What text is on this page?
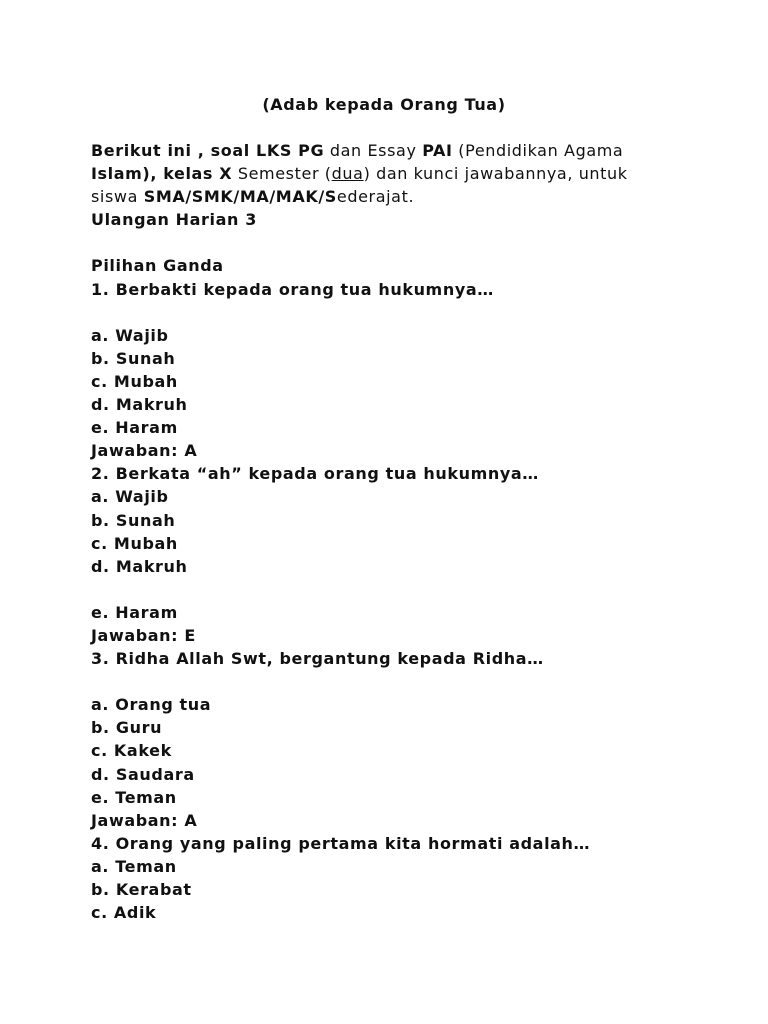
(Adab kepada Orang Tua)
Berikut ini , soal LKS PG dan Essay PAI (Pendidikan Agama
Islam), kelas X Semester (dua) dan kunci jawabannya, untuk
siswa SMA/SMK/MA/MAK/Sederajat.
Ulangan Harian 3
Pilihan Ganda
1. Berbakti kepada orang tua hukumnya…
a. Wajib
b. Sunah
c. Mubah
d. Makruh
e. Haram
Jawaban: A
2. Berkata “ah” kepada orang tua hukumnya…
a. Wajib
b. Sunah
c. Mubah
d. Makruh
e. Haram
Jawaban: E
3. Ridha Allah Swt, bergantung kepada Ridha…
a. Orang tua
b. Guru
c. Kakek
d. Saudara
e. Teman
Jawaban: A
4. Orang yang paling pertama kita hormati adalah…
a. Teman
b. Kerabat
c. Adik
